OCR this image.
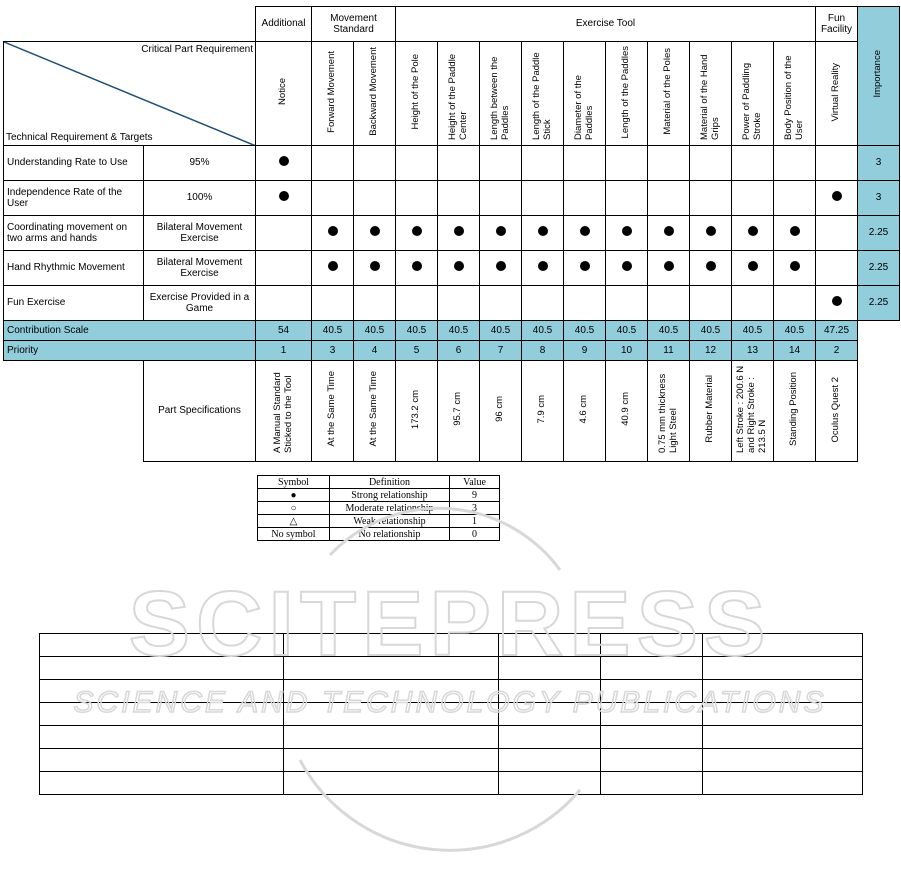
		Additional	Movement Standard		Exercise Tool										Fun Facility	Importance

Critical Part Requirement
Technical Requirement & Targets		Notice	Forward Movement	Backward Movement	Height of the Pole	Height of the Paddle Center	Length between the Paddles	Length of the Paddle Stick	Diameter of the Paddles	Length of the Paddles	Material of the Poles	Material of the Hand Grips	Power of Paddling Stroke	Body Position of the User	Virtual Reality	
Understanding Rate to Use	95%															3
Independence Rate of the User	100%															3
Coordinating movement on two arms and hands	Bilateral Movement Exercise															2.25
Hand Rhythmic Movement	Bilateral Movement Exercise															2.25
Fun Exercise	Exercise Provided in a Game															2.25
Contribution Scale		54	40.5	40.5	40.5	40.5	40.5	40.5	40.5	40.5	40.5	40.5	40.5	40.5	47.25	
Priority		1	3	4	5	6	7	8	9	10	11	12	13	14	2	
	Part Specifications	A Manual Standard Sticked to the Tool	At the Same Time	At the Same Time	173.2 cm	95.7 cm	96 cm	7.9 cm	4.6 cm	40.9 cm	0.75 mm thickness Light Steel	Rubber Material	Left Stroke : 200.6 N and Right Stroke : 213.5 N	Standing Position	Oculus Quest 2	
Symbol	Definition	Value
●	Strong relationship	9
○	Moderate relationship	3
△	Weak relationship	1
No symbol	No relationship	0

SCITEPRESS
SCIENCE AND TECHNOLOGY PUBLICATIONS
